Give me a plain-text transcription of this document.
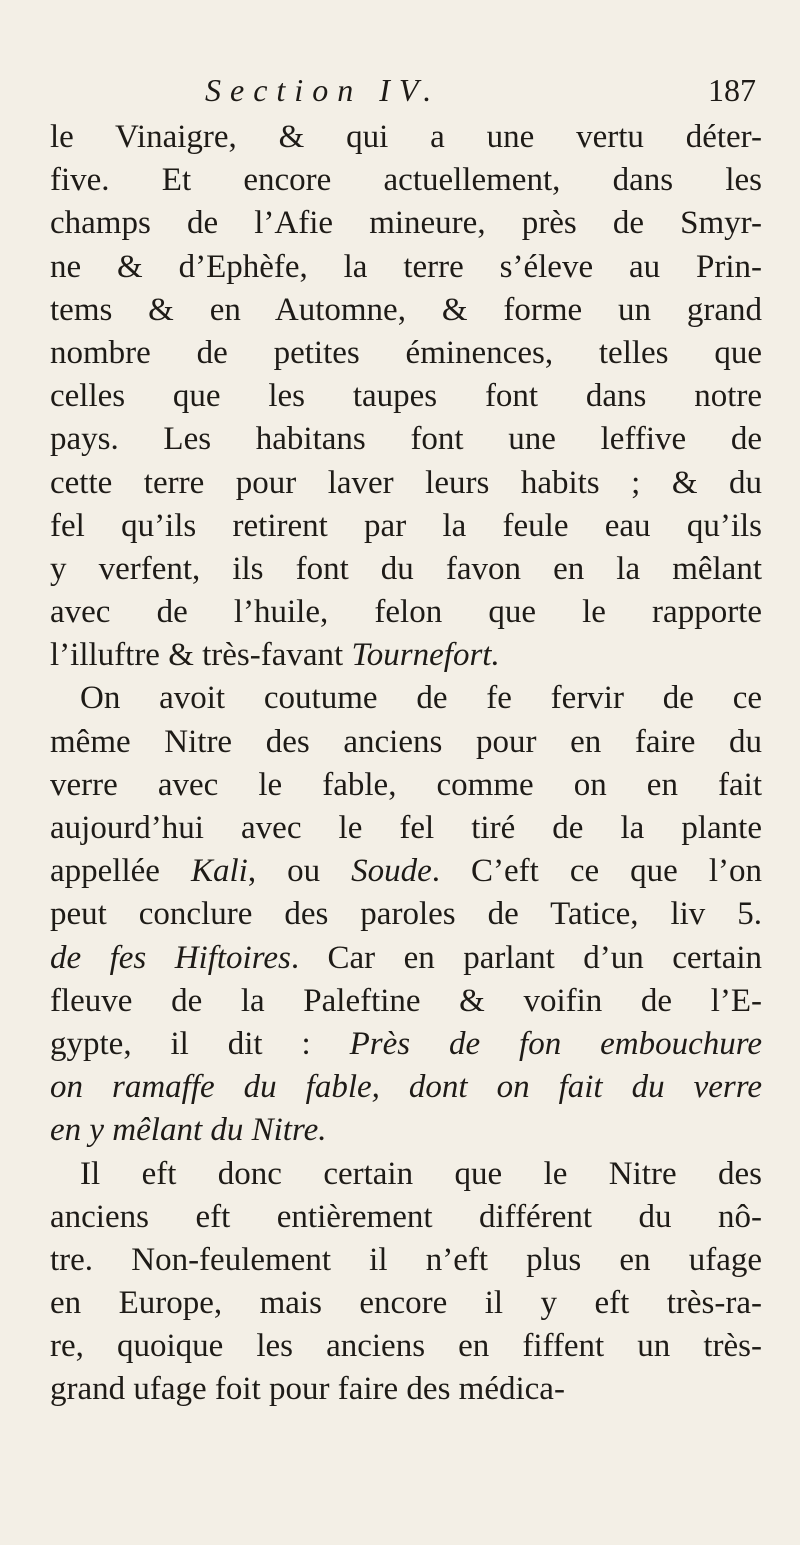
Section IV.	187
le Vinaigre, & qui a une vertu déter-
five. Et encore actuellement, dans les
champs de l’Afie mineure, près de Smyr-
ne & d’Ephèfe, la terre s’éleve au Prin-
tems & en Automne, & forme un grand
nombre de petites éminences, telles que
celles que les taupes font dans notre
pays. Les habitans font une leffive de
cette terre pour laver leurs habits ; & du
fel qu’ils retirent par la feule eau qu’ils
y verfent, ils font du favon en la mêlant
avec de l’huile, felon que le rapporte
l’illuftre & très-favant Tournefort.
On avoit coutume de fe fervir de ce
même Nitre des anciens pour en faire du
verre avec le fable, comme on en fait
aujourd’hui avec le fel tiré de la plante
appellée Kali, ou Soude. C’eft ce que l’on
peut conclure des paroles de Tatice, liv 5.
de fes Hiftoires. Car en parlant d’un certain
fleuve de la Paleftine & voifin de l’E-
gypte, il dit : Près de fon embouchure
on ramaffe du fable, dont on fait du verre
en y mêlant du Nitre.
Il eft donc certain que le Nitre des
anciens eft entièrement différent du nô-
tre. Non-feulement il n’eft plus en ufage
en Europe, mais encore il y eft très-ra-
re, quoique les anciens en fiffent un très-
grand ufage foit pour faire des médica-
